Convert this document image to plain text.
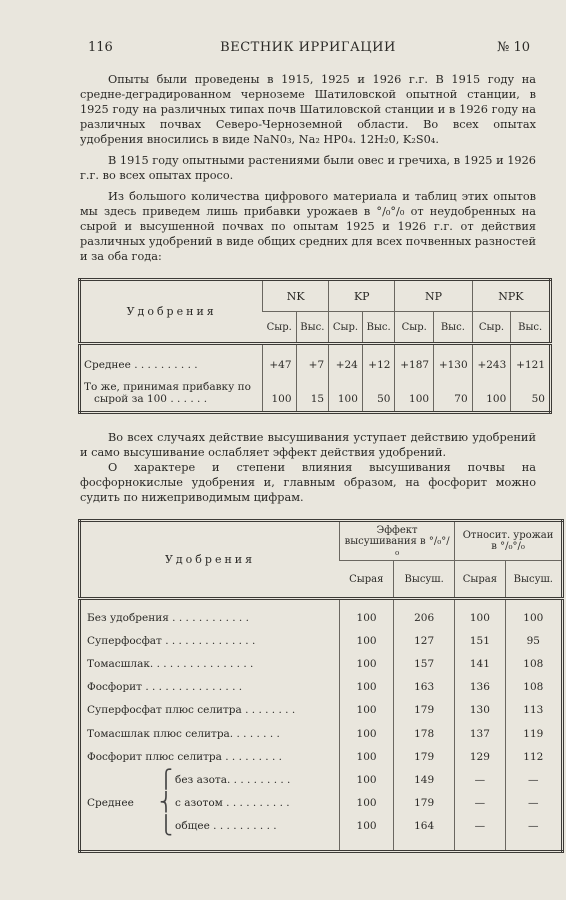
116	ВЕСТНИК ИРРИГАЦИИ	№ 10

Опыты были проведены в 1915, 1925 и 1926 г.г. В 1915 году на средне-деградированном черноземе Шатиловской опытной станции, в 1925 году на различных типах почв Шатиловской станции и в 1926 году на различных почвах Северо-Черноземной области. Во всех опытах удобрения вносились в виде NaN0₃, Na₂ HP0₄. 12H₂0, K₂S0₄.

В 1915 году опытными растениями были овес и гречиха, в 1925 и 1926 г.г. во всех опытах просо.

Из большого количества цифрового материала и таблиц этих опытов мы здесь приведем лишь прибавки урожаев в °/₀°/₀ от неудобренных на сырой и высушенной почвах по опытам 1925 и 1926 г.г. от действия различных удобрений в виде общих средних для всех почвенных разностей и за оба года:

Удобрения	NK		KP		NP		NPK	
	Сыр.	Выс.	Сыр.	Выс.	Сыр.	Выс.	Сыр.	Выс.

Среднее . . . . . . . . . .	+47	+7	+24	+12	+187	+130	+243	+121

То же, принимая прибавку по
сырой за 100 . . . . . .	100	15	100	50	100	70	100	50

Во всех случаях действие высушивания уступает действию удобрений и само высушивание ослабляет эффект действия удобрений.

О характере и степени влияния высушивания почвы на фосфорнокислые удобрения и, главным образом, на фосфорит можно судить по нижеприводимым цифрам.

Удобрения	Эффект высушивания в °/₀°/₀		Относит. урожаи в °/₀°/₀	
	Сырая	Высуш.	Сырая	Высуш.

Без удобрения . . . . . . . . . . . .	100	206	100	100
Суперфосфат . . . . . . . . . . . . . .	100	127	151	95
Томасшлак. . . . . . . . . . . . . . . .	100	157	141	108
Фосфорит . . . . . . . . . . . . . . .	100	163	136	108
Суперфосфат плюс селитра . . . . . . . .	100	179	130	113
Томасшлак плюс селитра. . . . . . . .	100	178	137	119
Фосфорит плюс селитра . . . . . . . . .	100	179	129	112

⎧ без азота. . . . . . . . . .	100	149	—	—

Среднее ⎨ с азотом . . . . . . . . . .	100	179	—	—

⎩ общее . . . . . . . . . .	100	164	—	—
